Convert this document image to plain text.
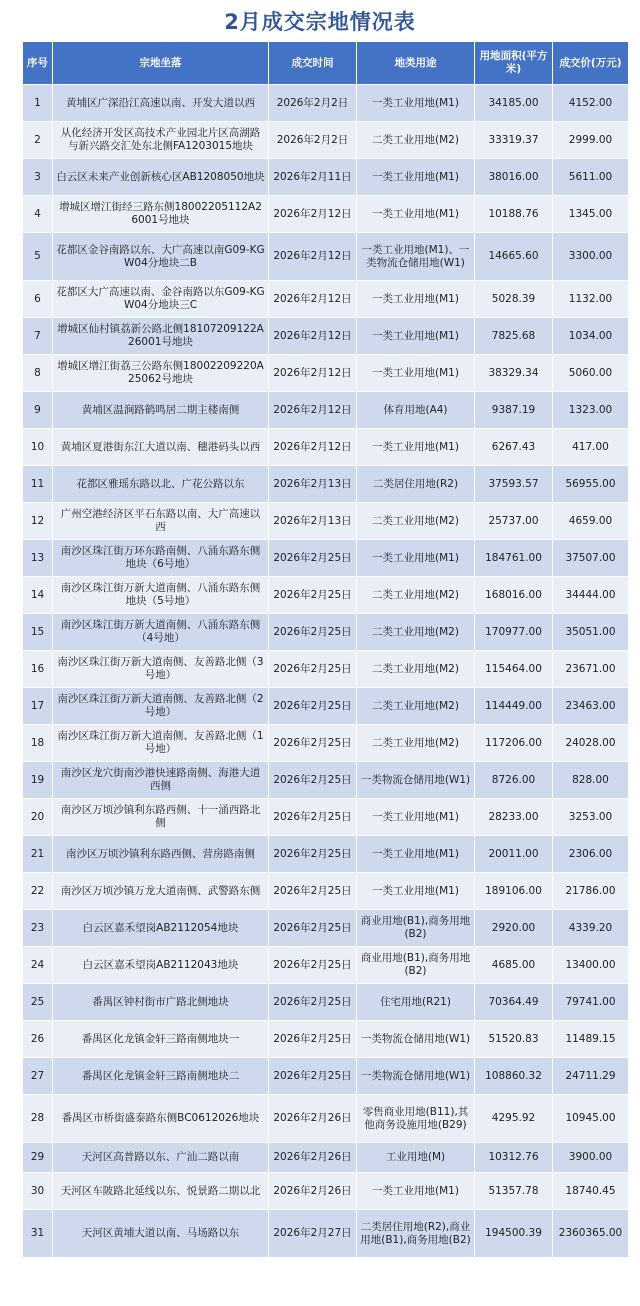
2月成交宗地情况表
序号	宗地坐落	成交时间	地类用途	用地面积(平方米)	成交价(万元)
1	黄埔区广深沿江高速以南、开发大道以西	2026年2月2日	一类工业用地(M1)	34185.00	4152.00
2	从化经济开发区高技术产业园北片区高湖路与新兴路交汇处东北侧FA1203015地块	2026年2月2日	二类工业用地(M2)	33319.37	2999.00
3	白云区未来产业创新核心区AB1208050地块	2026年2月11日	一类工业用地(M1)	38016.00	5611.00
4	增城区增江街经三路东侧18002205112A26001号地块	2026年2月12日	一类工业用地(M1)	10188.76	1345.00
5	花都区金谷南路以东、大广高速以南G09-KGW04分地块二B	2026年2月12日	一类工业用地(M1)、一类物流仓储用地(W1)	14665.60	3300.00
6	花都区大广高速以南、金谷南路以东G09-KGW04分地块三C	2026年2月12日	一类工业用地(M1)	5028.39	1132.00
7	增城区仙村镇荔新公路北侧18107209122A26001号地块	2026年2月12日	一类工业用地(M1)	7825.68	1034.00
8	增城区增江街荔三公路东侧18002209220A25062号地块	2026年2月12日	一类工业用地(M1)	38329.34	5060.00
9	黄埔区温涧路鹤鸣居二期主楼南侧	2026年2月12日	体育用地(A4)	9387.19	1323.00
10	黄埔区夏港街东江大道以南、穗港码头以西	2026年2月12日	一类工业用地(M1)	6267.43	417.00
11	花都区雅瑶东路以北、广花公路以东	2026年2月13日	二类居住用地(R2)	37593.57	56955.00
12	广州空港经济区平石东路以南、大广高速以西	2026年2月13日	二类工业用地(M2)	25737.00	4659.00
13	南沙区珠江街万环东路南侧、八涌东路东侧地块（6号地）	2026年2月25日	一类工业用地(M1)	184761.00	37507.00
14	南沙区珠江街万新大道南侧、八涌东路东侧地块（5号地）	2026年2月25日	二类工业用地(M2)	168016.00	34444.00
15	南沙区珠江街万新大道南侧、八涌东路东侧（4号地）	2026年2月25日	二类工业用地(M2)	170977.00	35051.00
16	南沙区珠江街万新大道南侧、友善路北侧（3号地）	2026年2月25日	二类工业用地(M2)	115464.00	23671.00
17	南沙区珠江街万新大道南侧、友善路北侧（2号地）	2026年2月25日	二类工业用地(M2)	114449.00	23463.00
18	南沙区珠江街万新大道南侧、友善路北侧（1号地）	2026年2月25日	二类工业用地(M2)	117206.00	24028.00
19	南沙区龙穴街南沙港快速路南侧、海港大道西侧	2026年2月25日	一类物流仓储用地(W1)	8726.00	828.00
20	南沙区万顷沙镇利东路西侧、十一涌西路北侧	2026年2月25日	一类工业用地(M1)	28233.00	3253.00
21	南沙区万顷沙镇利东路西侧、营房路南侧	2026年2月25日	一类工业用地(M1)	20011.00	2306.00
22	南沙区万顷沙镇万龙大道南侧、武警路东侧	2026年2月25日	一类工业用地(M1)	189106.00	21786.00
23	白云区嘉禾望岗AB2112054地块	2026年2月25日	商业用地(B1),商务用地(B2)	2920.00	4339.20
24	白云区嘉禾望岗AB2112043地块	2026年2月25日	商业用地(B1),商务用地(B2)	4685.00	13400.00
25	番禺区钟村街市广路北侧地块	2026年2月25日	住宅用地(R21)	70364.49	79741.00
26	番禺区化龙镇金轩三路南侧地块一	2026年2月25日	一类物流仓储用地(W1)	51520.83	11489.15
27	番禺区化龙镇金轩三路南侧地块二	2026年2月25日	一类物流仓储用地(W1)	108860.32	24711.29
28	番禺区市桥街盛泰路东侧BC0612026地块	2026年2月26日	零售商业用地(B11),其他商务设施用地(B29)	4295.92	10945.00
29	天河区高普路以东、广汕二路以南	2026年2月26日	工业用地(M)	10312.76	3900.00
30	天河区车陂路北延线以东、悦景路二期以北	2026年2月26日	一类工业用地(M1)	51357.78	18740.45
31	天河区黄埔大道以南、马场路以东	2026年2月27日	二类居住用地(R2),商业用地(B1),商务用地(B2)	194500.39	2360365.00
